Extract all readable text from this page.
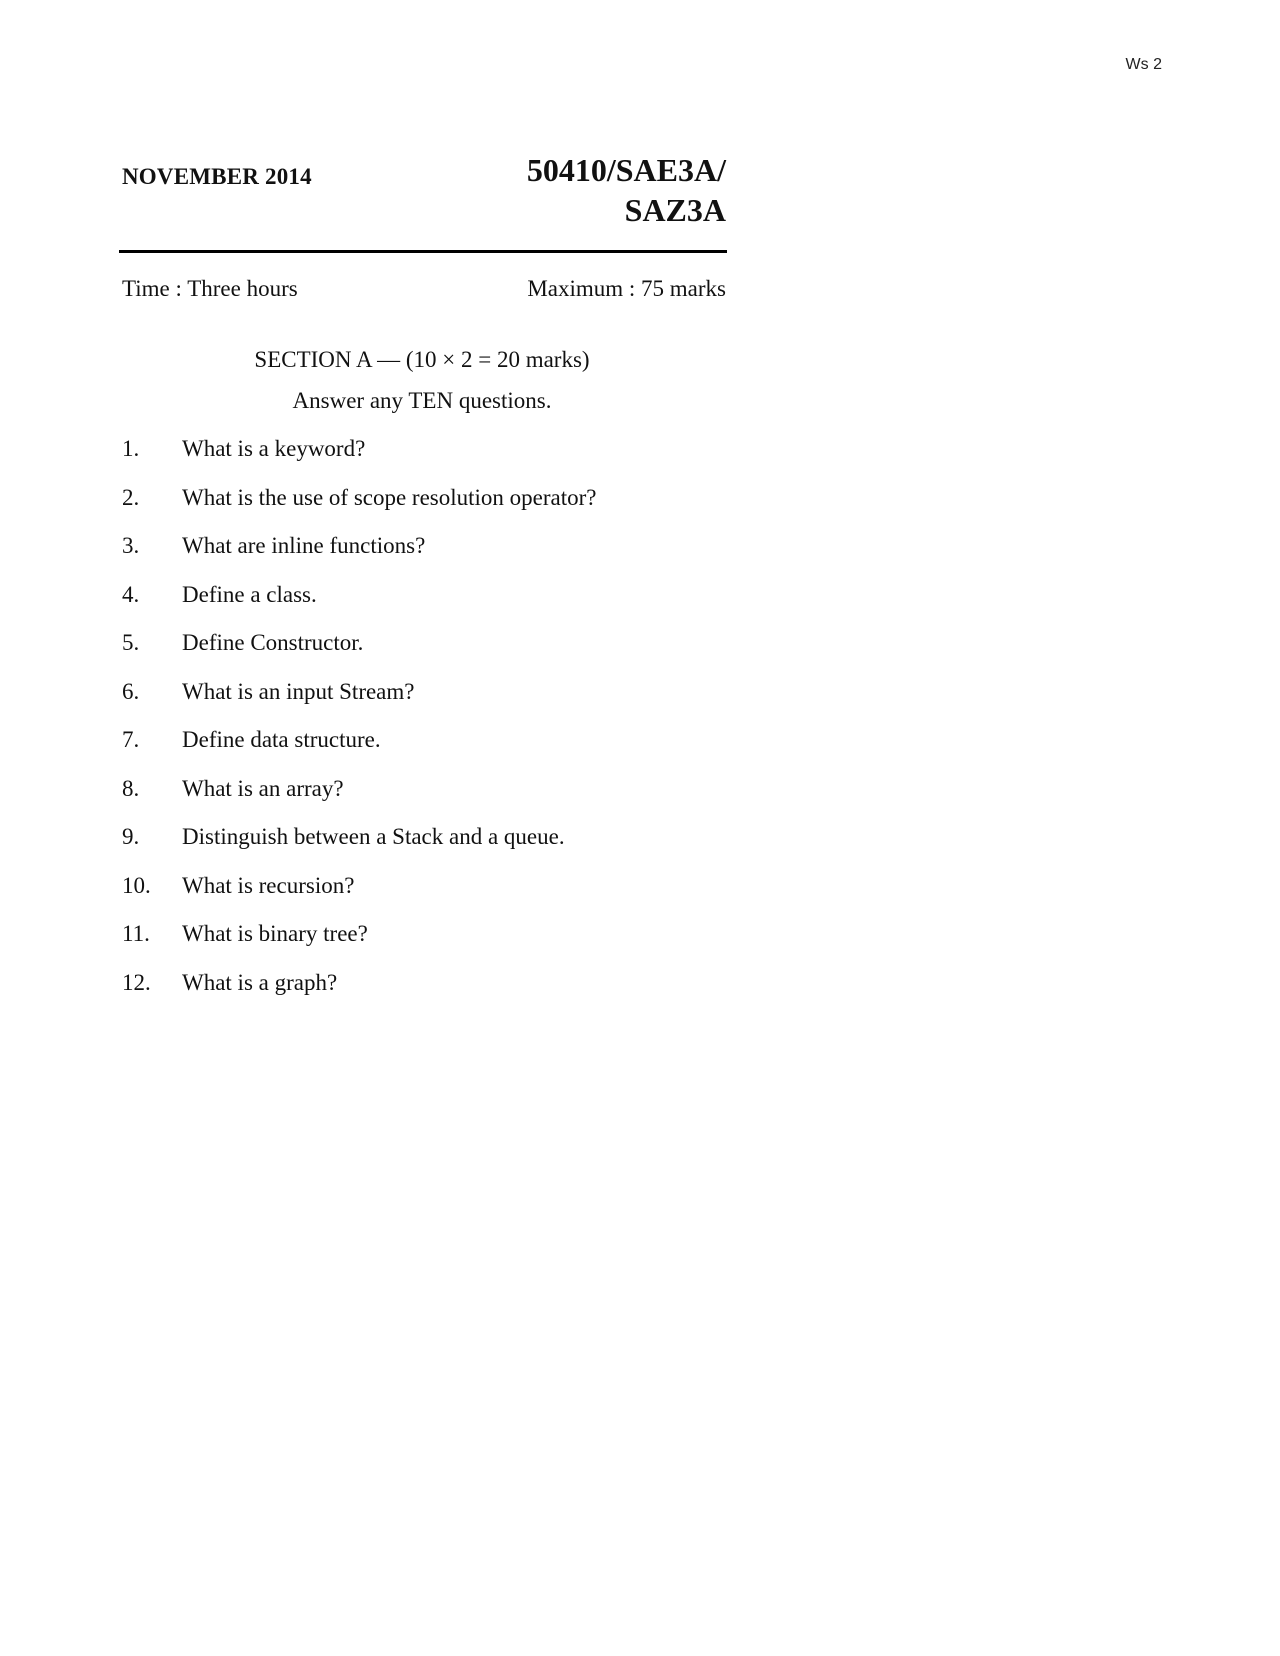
Ws 2
NOVEMBER 2014	50410/SAE3A/
SAZ3A
Time : Three hours	Maximum : 75 marks
SECTION A — (10 × 2 = 20 marks)
Answer any TEN questions.
1. What is a keyword?
2. What is the use of scope resolution operator?
3. What are inline functions?
4. Define a class.
5. Define Constructor.
6. What is an input Stream?
7. Define data structure.
8. What is an array?
9. Distinguish between a Stack and a queue.
10. What is recursion?
11. What is binary tree?
12. What is a graph?
